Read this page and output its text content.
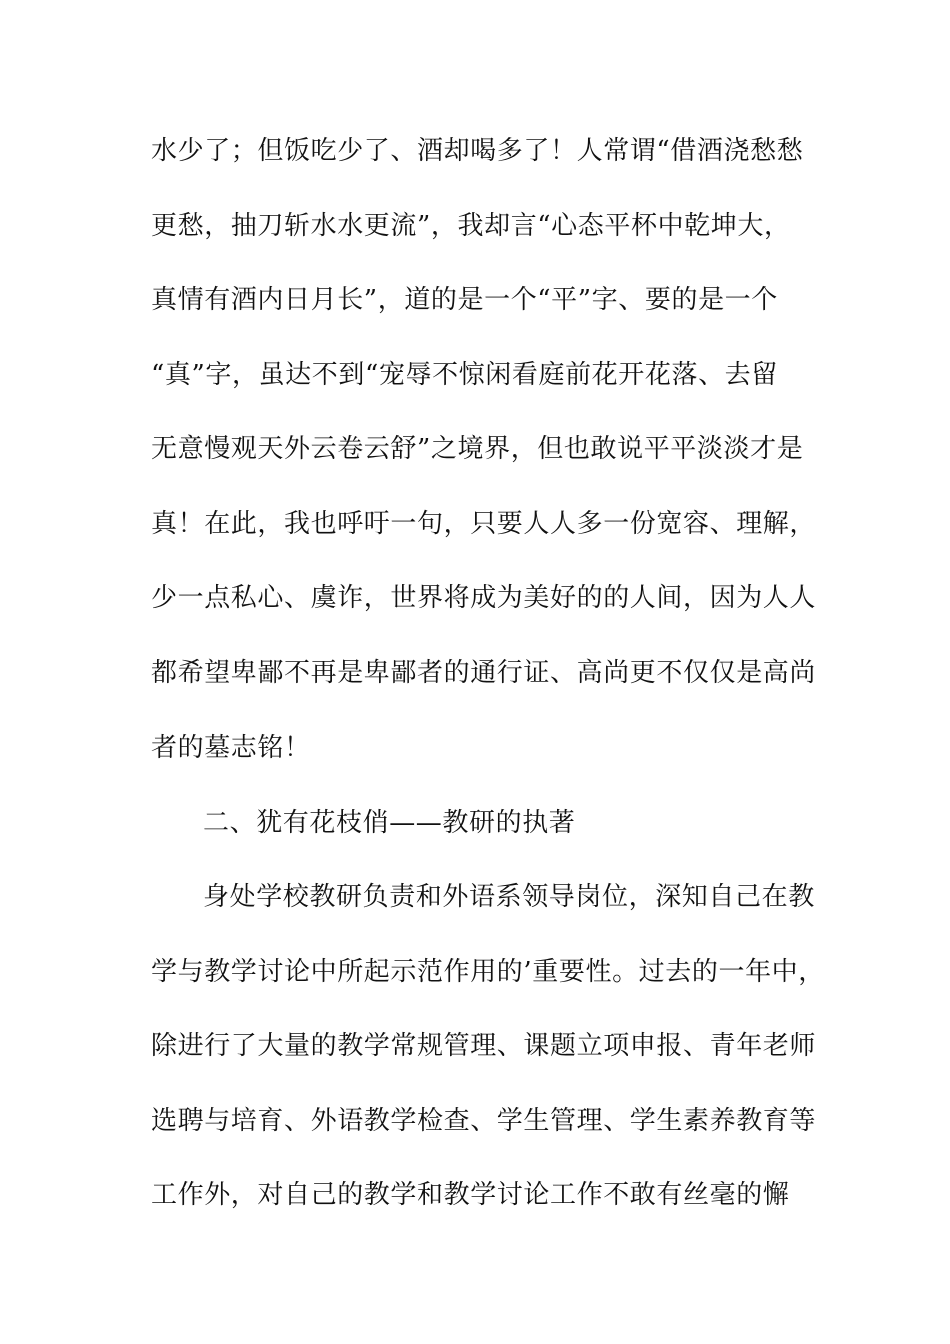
水少了；但饭吃少了、酒却喝多了！人常谓“借酒浇愁愁
更愁，抽刀斩水水更流”，我却言“心态平杯中乾坤大，
真情有酒内日月长”，道的是一个“平”字、要的是一个
“真”字，虽达不到“宠辱不惊闲看庭前花开花落、去留
无意慢观天外云卷云舒”之境界，但也敢说平平淡淡才是
真！在此，我也呼吁一句，只要人人多一份宽容、理解，
少一点私心、虞诈，世界将成为美好的的人间，因为人人
都希望卑鄙不再是卑鄙者的通行证、高尚更不仅仅是高尚
者的墓志铭！
二、犹有花枝俏——教研的执著
身处学校教研负责和外语系领导岗位，深知自己在教
学与教学讨论中所起示范作用的’重要性。过去的一年中，
除进行了大量的教学常规管理、课题立项申报、青年老师
选聘与培育、外语教学检查、学生管理、学生素养教育等
工作外，对自己的教学和教学讨论工作不敢有丝毫的懈
